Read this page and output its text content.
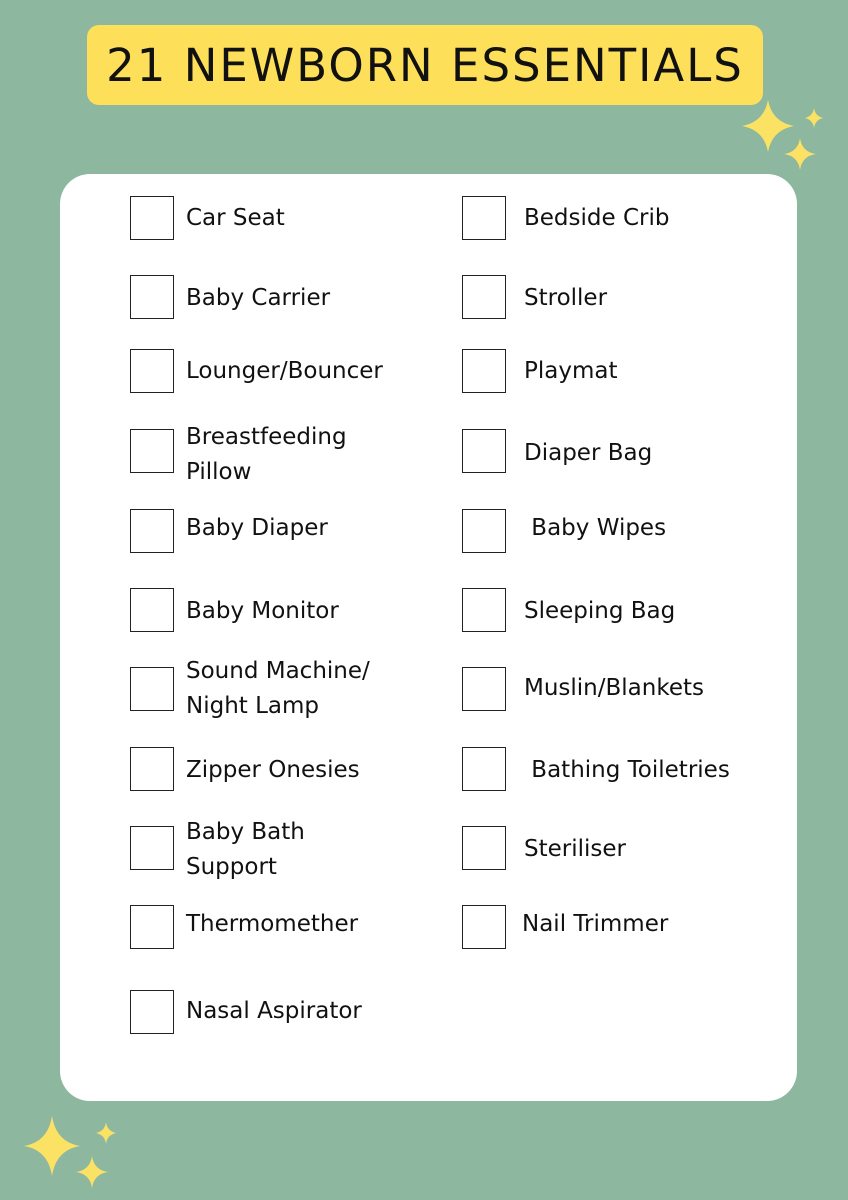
21 NEWBORN ESSENTIALS
Car Seat
Baby Carrier
Lounger/Bouncer
Breastfeeding
Pillow
Baby Diaper
Baby Monitor
Sound Machine/
Night Lamp
Zipper Onesies
Baby Bath
Support
Thermomether
Nasal Aspirator
Bedside Crib
Stroller
Playmat
Diaper Bag
Baby Wipes
Sleeping Bag
Muslin/Blankets
Bathing Toiletries
Steriliser
Nail Trimmer
